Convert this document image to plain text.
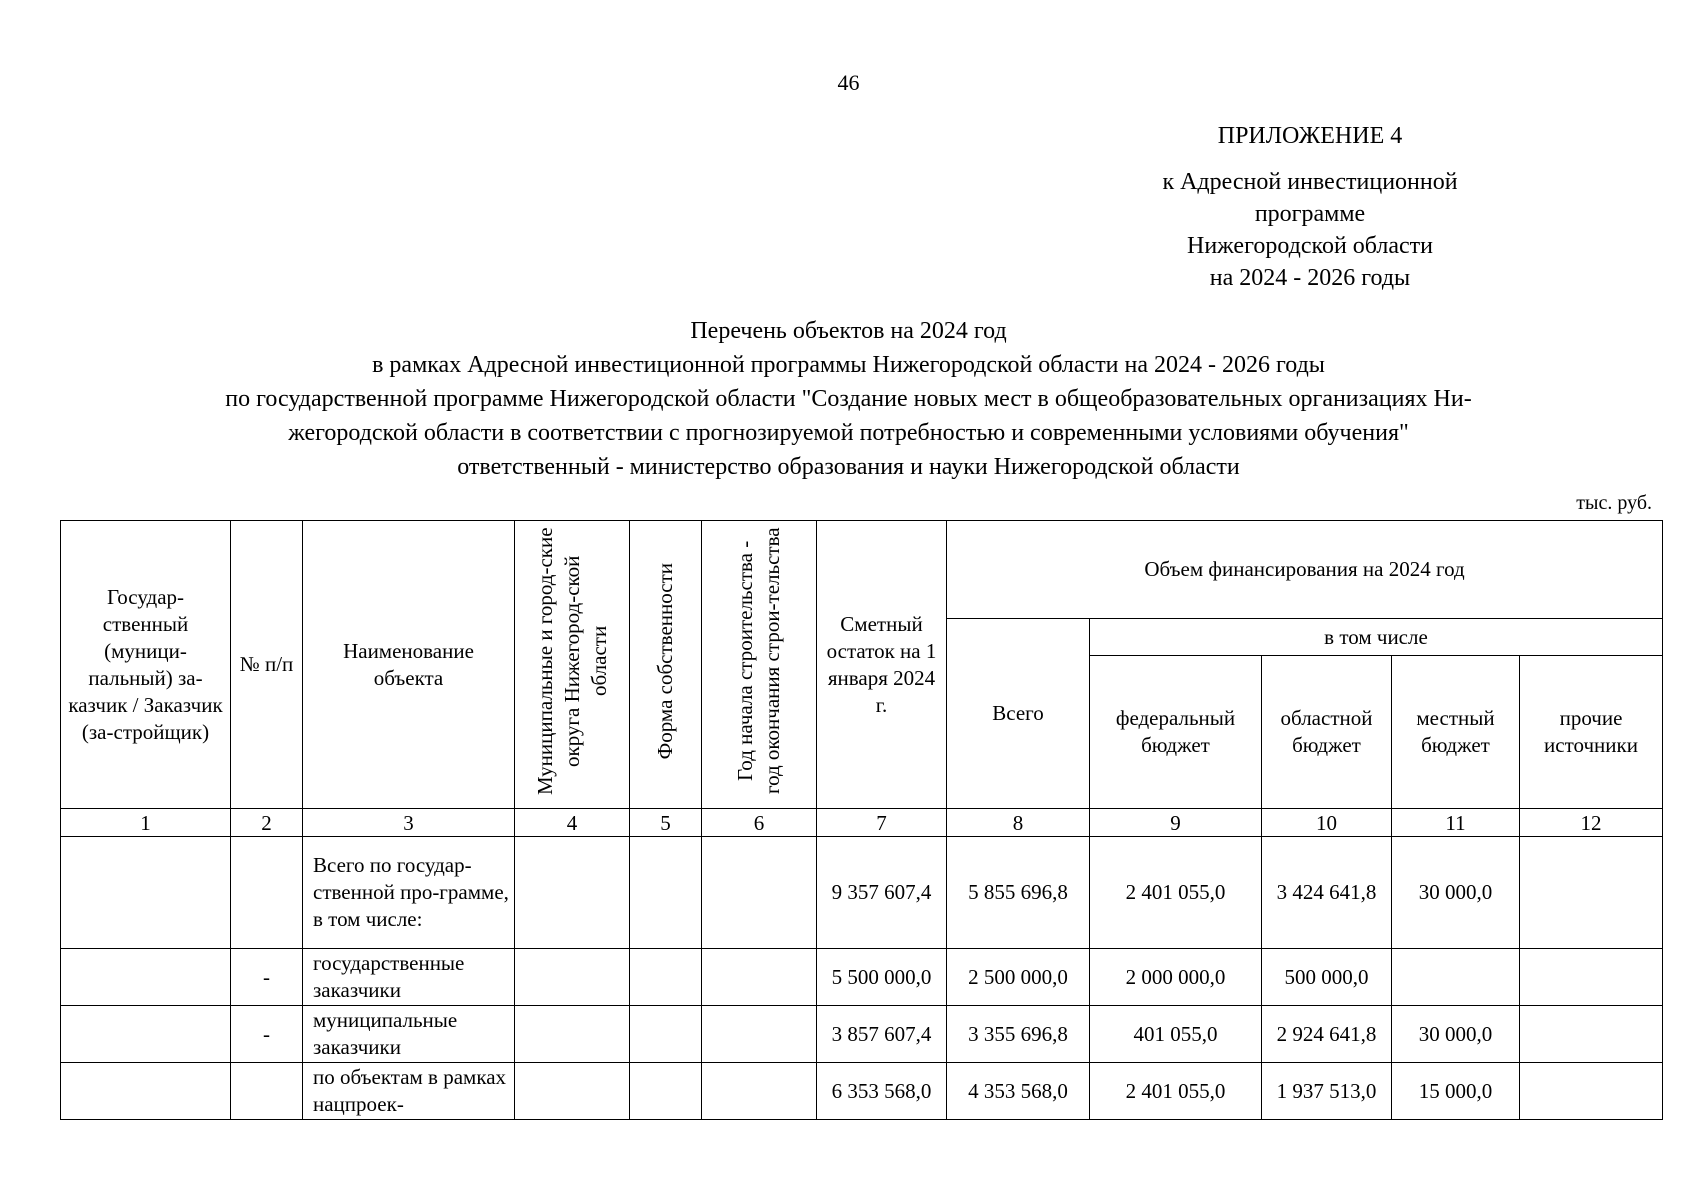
46
ПРИЛОЖЕНИЕ 4
к Адресной инвестиционной программе
Нижегородской области
на 2024 - 2026 годы
Перечень объектов на 2024 год
в рамках Адресной инвестиционной программы Нижегородской области на 2024 - 2026 годы
по государственной программе Нижегородской области "Создание новых мест в общеобразовательных организациях Ни-
жегородской области в соответствии с прогнозируемой потребностью и современными условиями обучения"
ответственный - министерство образования и науки Нижегородской области
тыс. руб.
Государ-ственный (муници-пальный) за-казчик / Заказчик (за-стройщик)	№ п/п	Наименование объекта	Муниципальные и город-ские округа Нижегород-ской области	Форма собственности	Год начала строительства - год окончания строи-тельства	Сметный остаток на 1 января 2024 г.	Объем финансирования на 2024 год				
							Всего	в том числе			
								федеральный бюджет	областной бюджет	местный бюджет	прочие источники
1	2	3	4	5	6	7	8	9	10	11	12
		Всего по государ-ственной про-грамме, в том числе:				9 357 607,4	5 855 696,8	2 401 055,0	3 424 641,8	30 000,0	
	-	государственные заказчики				5 500 000,0	2 500 000,0	2 000 000,0	500 000,0		
	-	муниципальные заказчики				3 857 607,4	3 355 696,8	401 055,0	2 924 641,8	30 000,0	
		по объектам в рамках нацпроек-				6 353 568,0	4 353 568,0	2 401 055,0	1 937 513,0	15 000,0	
